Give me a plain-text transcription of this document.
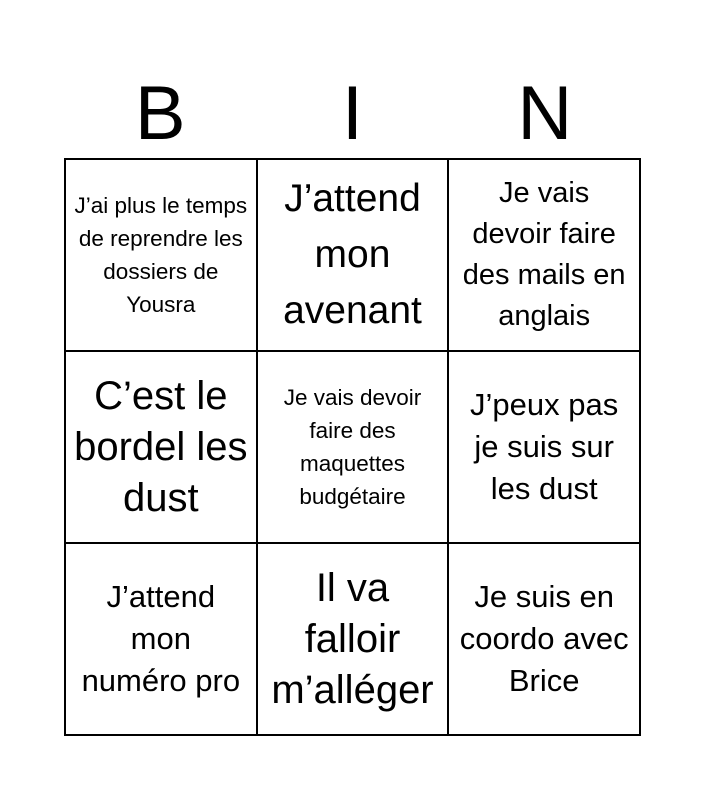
B	I	N
J’ai plus le temps de reprendre les dossiers de Yousra
J’attend mon avenant
Je vais devoir faire des mails en anglais
C’est le bordel les dust
Je vais devoir faire des maquettes budgétaire
J’peux pas je suis sur les dust
J’attend mon numéro pro
Il va falloir m’alléger
Je suis en coordo avec Brice
